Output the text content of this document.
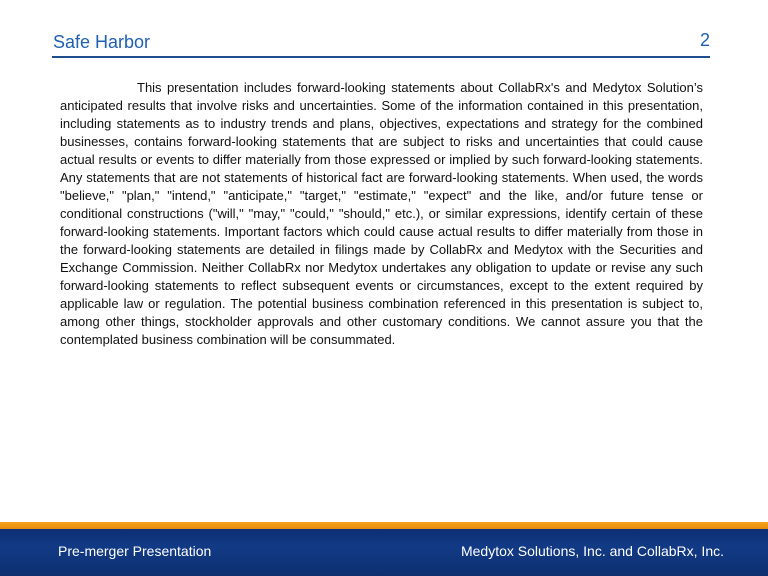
Safe Harbor	2

This presentation includes forward-looking statements about CollabRx's and Medytox Solution’s anticipated results that involve risks and uncertainties. Some of the information contained in this presentation, including statements as to industry trends and plans, objectives, expectations and strategy for the combined businesses, contains forward-looking statements that are subject to risks and uncertainties that could cause actual results or events to differ materially from those expressed or implied by such forward-looking statements. Any statements that are not statements of historical fact are forward-looking statements. When used, the words "believe," "plan," "intend," "anticipate," "target," "estimate," "expect" and the like, and/or future tense or conditional constructions ("will," "may," "could," "should," etc.), or similar expressions, identify certain of these forward-looking statements. Important factors which could cause actual results to differ materially from those in the forward-looking statements are detailed in filings made by CollabRx and Medytox with the Securities and Exchange Commission. Neither CollabRx nor Medytox undertakes any obligation to update or revise any such forward-looking statements to reflect subsequent events or circumstances, except to the extent required by applicable law or regulation. The potential business combination referenced in this presentation is subject to, among other things, stockholder approvals and other customary conditions. We cannot assure you that the contemplated business combination will be consummated.

Pre-merger Presentation	Medytox Solutions, Inc. and CollabRx, Inc.
